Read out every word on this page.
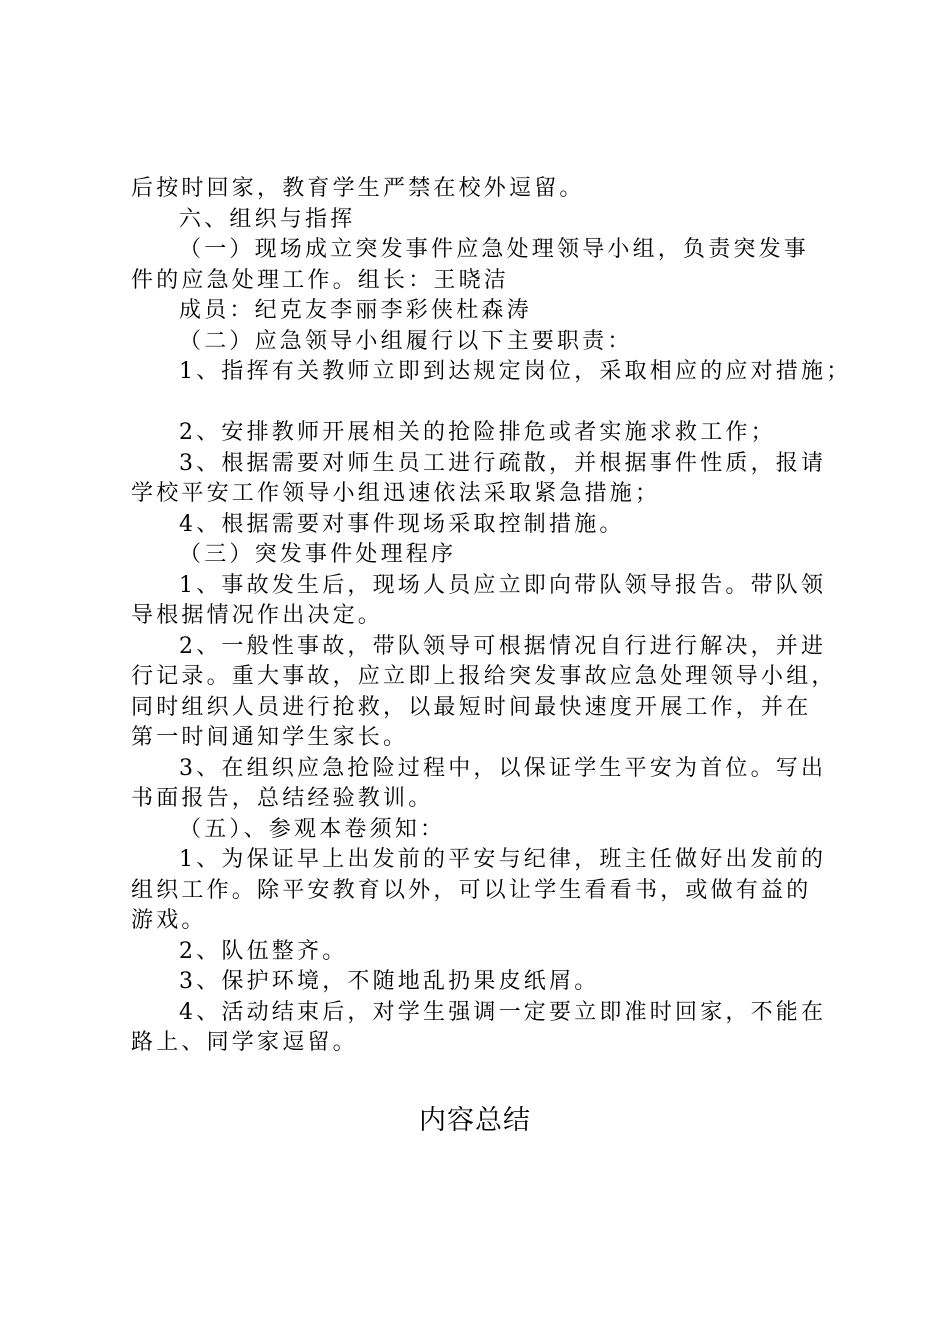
后按时回家，教育学生严禁在校外逗留。
六、组织与指挥
（一）现场成立突发事件应急处理领导小组，负责突发事
件的应急处理工作。组长：王晓洁
成员：纪克友李丽李彩侠杜森涛
（二）应急领导小组履行以下主要职责：
1、指挥有关教师立即到达规定岗位，采取相应的应对措施；
2、安排教师开展相关的抢险排危或者实施求救工作；
3、根据需要对师生员工进行疏散，并根据事件性质，报请
学校平安工作领导小组迅速依法采取紧急措施；
4、根据需要对事件现场采取控制措施。
（三）突发事件处理程序
1、事故发生后，现场人员应立即向带队领导报告。带队领
导根据情况作出决定。
2、一般性事故，带队领导可根据情况自行进行解决，并进
行记录。重大事故，应立即上报给突发事故应急处理领导小组，
同时组织人员进行抢救，以最短时间最快速度开展工作，并在
第一时间通知学生家长。
3、在组织应急抢险过程中，以保证学生平安为首位。写出
书面报告，总结经验教训。
（五）、参观本卷须知：
1、为保证早上出发前的平安与纪律，班主任做好出发前的
组织工作。除平安教育以外，可以让学生看看书，或做有益的
游戏。
2、队伍整齐。
3、保护环境，不随地乱扔果皮纸屑。
4、活动结束后，对学生强调一定要立即准时回家，不能在
路上、同学家逗留。
内容总结
